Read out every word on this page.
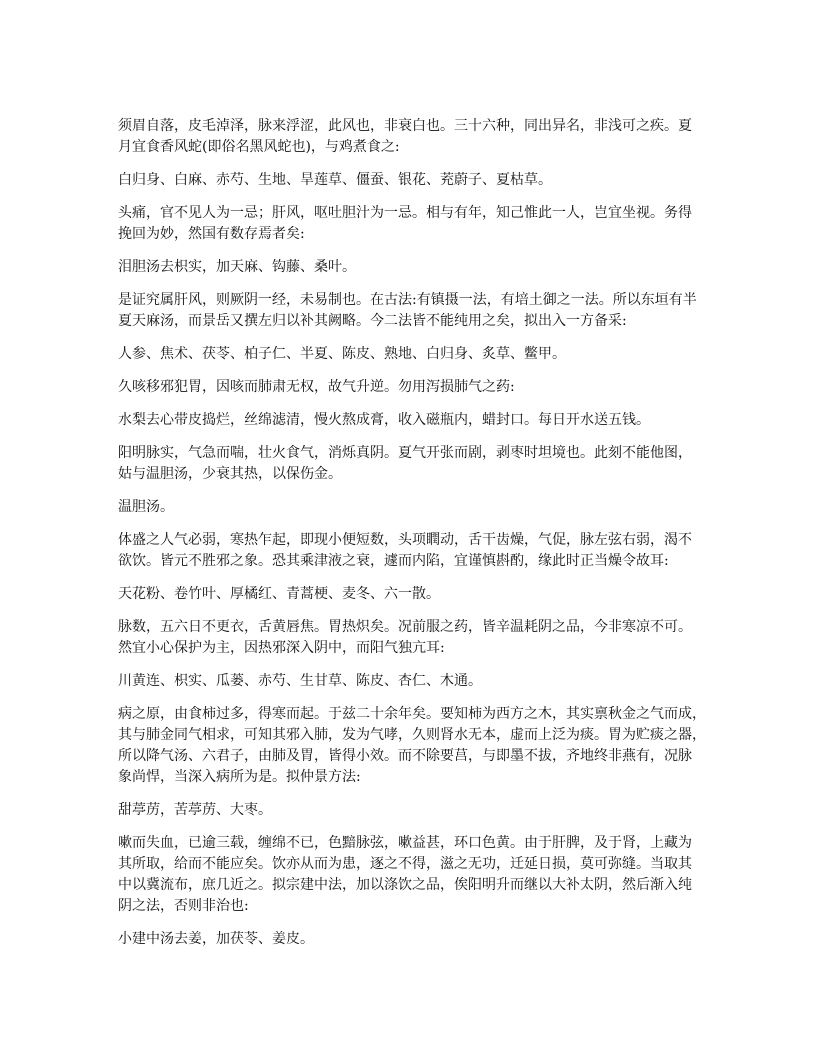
须眉自落，皮毛淖泽，脉来浮涩，此风也，非衰白也。三十六种，同出异名，非浅可之疾。夏
月宜食香风蛇(即俗名黑风蛇也)，与鸡煮食之:
白归身、白麻、赤芍、生地、旱莲草、僵蚕、银花、茺蔚子、夏枯草。
头痛，官不见人为一忌；肝风，呕吐胆汁为一忌。相与有年，知己惟此一人，岂宜坐视。务得
挽回为妙，然国有数存焉者矣:
泪胆汤去枳实，加天麻、钩藤、桑叶。
是证究属肝风，则厥阴一经，未易制也。在古法:有镇摄一法，有培土御之一法。所以东垣有半
夏天麻汤，而景岳又撰左归以补其阙略。今二法皆不能纯用之矣，拟出入一方备采:
人参、焦术、茯苓、柏子仁、半夏、陈皮、熟地、白归身、炙草、鳖甲。
久咳移邪犯胃，因咳而肺肃无权，故气升逆。勿用泻损肺气之药:
水梨去心带皮捣烂，丝绵滤清，慢火熬成膏，收入磁瓶内，蜡封口。每日开水送五钱。
阳明脉实，气急而喘，壮火食气，消烁真阴。夏气开张而剧，剥枣时坦境也。此刻不能他图，
姑与温胆汤，少衰其热，以保伤金。
温胆汤。
体盛之人气必弱，寒热乍起，即现小便短数，头项瞤动，舌干齿燥，气促，脉左弦右弱，渴不
欲饮。皆元不胜邪之象。恐其乘津液之衰，遽而内陷，宜谨慎斟酌，缘此时正当燥令故耳:
天花粉、卷竹叶、厚橘红、青蒿梗、麦冬、六一散。
脉数，五六日不更衣，舌黄唇焦。胃热炽矣。况前服之药，皆辛温耗阴之品，今非寒凉不可。
然宜小心保护为主，因热邪深入阴中，而阳气独亢耳:
川黄连、枳实、瓜蒌、赤芍、生甘草、陈皮、杏仁、木通。
病之原，由食柿过多，得寒而起。于兹二十余年矣。要知柿为西方之木，其实禀秋金之气而成，
其与肺金同气相求，可知其邪入肺，发为气哮，久则肾水无本，虚而上泛为痰。胃为贮痰之器，
所以降气汤、六君子，由肺及胃，皆得小效。而不除要莒，与即墨不拔，齐地终非燕有，况脉
象尚悍，当深入病所为是。拟仲景方法:
甜葶苈，苦葶苈、大枣。
嗽而失血，已逾三载，缠绵不已，色黯脉弦，嗽益甚，环口色黄。由于肝脾，及于肾，上藏为
其所取，给而不能应矣。饮亦从而为患，逐之不得，滋之无功，迁延日损，莫可弥缝。当取其
中以冀流布，庶几近之。拟宗建中法，加以涤饮之品，俟阳明升而继以大补太阴，然后渐入纯
阴之法，否则非治也:
小建中汤去姜，加茯苓、姜皮。
